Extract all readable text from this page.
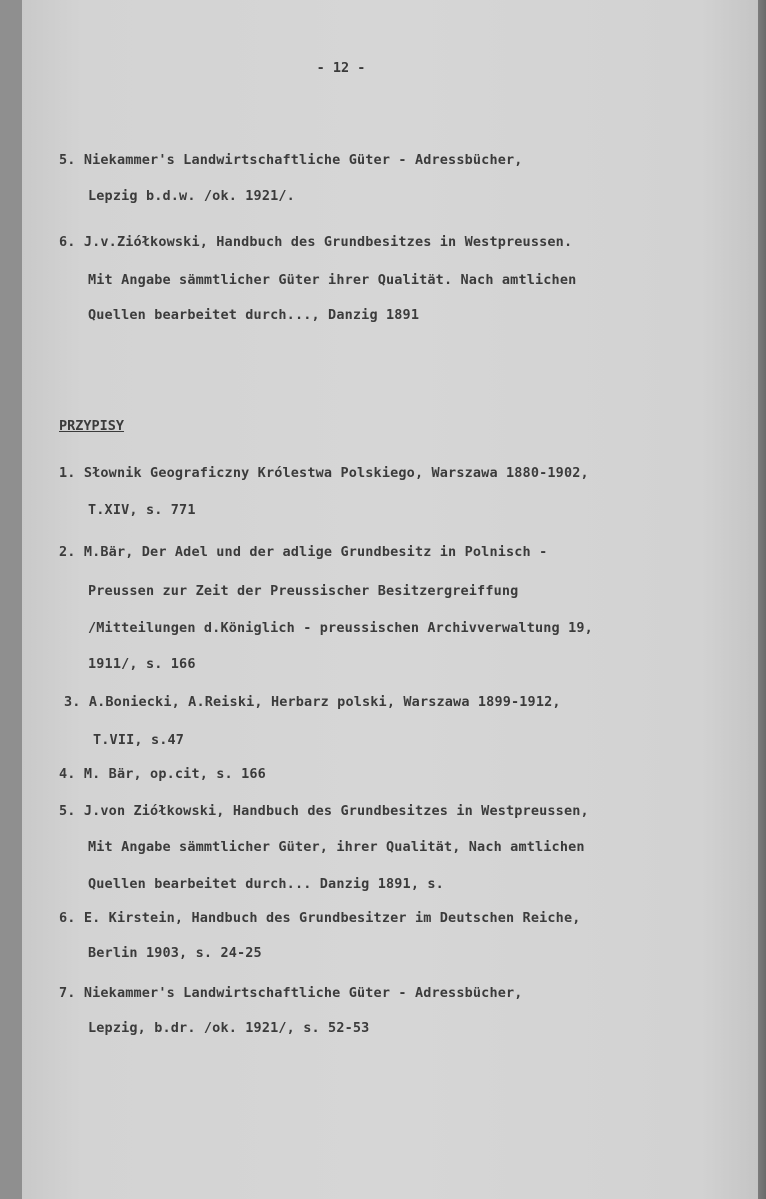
- 12 -
5. Niekammer's Landwirtschaftliche Güter - Adressbücher,
Lepzig b.d.w. /ok. 1921/.
6. J.v.Ziółkowski, Handbuch des Grundbesitzes in Westpreussen.
Mit Angabe sämmtlicher Güter ihrer Qualität. Nach amtlichen
Quellen bearbeitet durch..., Danzig 1891
PRZYPISY
1. Słownik Geograficzny Królestwa Polskiego, Warszawa 1880-1902,
T.XIV, s. 771
2. M.Bär, Der Adel und der adlige Grundbesitz in Polnisch -
Preussen zur Zeit der Preussischer Besitzergreiffung
/Mitteilungen d.Königlich - preussischen Archivverwaltung 19,
1911/, s. 166
3. A.Boniecki, A.Reiski, Herbarz polski, Warszawa 1899-1912,
T.VII, s.47
4. M. Bär, op.cit, s. 166
5. J.von Ziółkowski, Handbuch des Grundbesitzes in Westpreussen,
Mit Angabe sämmtlicher Güter, ihrer Qualität, Nach amtlichen
Quellen bearbeitet durch... Danzig 1891, s.
6. E. Kirstein, Handbuch des Grundbesitzer im Deutschen Reiche,
Berlin 1903, s. 24-25
7. Niekammer's Landwirtschaftliche Güter - Adressbücher,
Lepzig, b.dr. /ok. 1921/, s. 52-53
